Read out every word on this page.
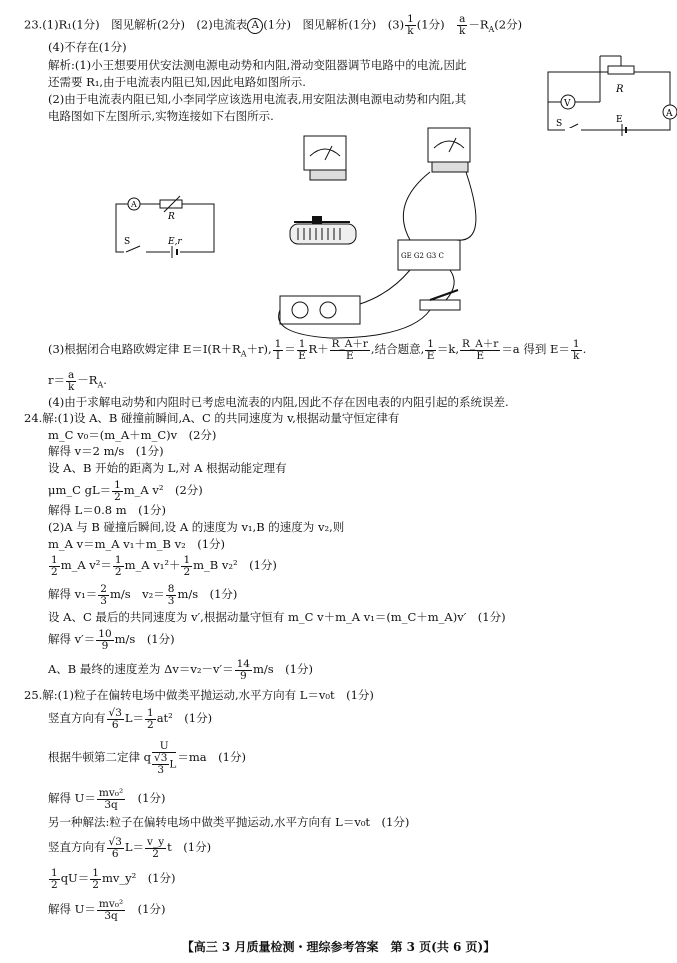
23.(1)R₁(1分)　图见解析(2分)　(2)电流表 A (1分)　图见解析(1分)　$(3) \frac{1}{k} (1$分)　 $\frac{a}{k} -R_A(2$分)
(4)不存在(1分)
解析:(1)小王想要用伏安法测电源电动势和内阻,滑动变阻器调节电路中的电流,因此
还需要 R₁,由于电流表内阻已知,因此电路如图所示.
(2)由于电流表内阻已知,小李同学应该选用电流表,用安阻法测电源电动势和内阻,其
电路图如下左图所示,实物连接如下右图所示.
R
V
A
S	E
A
R
S	E,r
GE G2 G3 C
(3)根据闭合电路欧姆定律 $E=I(R+R_A+r)$, $\frac{1}{I} = \frac{1}{E} R+ \frac{R\_A+r}{E}$ ,结合题意, $\frac{1}{E} =k$, $\frac{R\_A+r}{E} =a$ 得到 $E= \frac{1}{k}$ .
$r= \frac{a}{k} -R_A$.
(4)由于求解电动势和内阻时已考虑电流表的内阻,因此不存在因电表的内阻引起的系统误差.
24.解:(1)设 A、B 碰撞前瞬间,A、C 的共同速度为 v,根据动量守恒定律有
m_C v₀＝(m_A＋m_C)v　(2分)
解得 v＝2 m/s　(1分)
设 A、B 开始的距离为 L,对 A 根据动能定理有
μm_C $gL= \frac{1}{2}$ m_A v²　(2分)
解得 L＝0.8 m　(1分)
(2)A 与 B 碰撞后瞬间,设 A 的速度为 v₁,B 的速度为 v₂,则
m_A v＝m_A v₁＋m_B v₂　(1分)
$\frac{1}{2}$ m_A $v^2= \frac{1}{2}$ m_A $v_1^2+ \frac{1}{2}$ m_B v₂²　(1分)
解得 $v_1= \frac{2}{3} m/s$　$v_2= \frac{8}{3} m/s$　(1分)
设 A、C 最后的共同速度为 v′,根据动量守恒有 m_C v＋m_A v₁＝(m_C＋m_A)v′　(1分)
解得 $v'= \frac{10}{9} m/s$　(1分)
A、B 最终的速度差为 $\Delta v=v_2-v'= \frac{14}{9} m/s$　(1分)
25.解:(1)粒子在偏转电场中做类平抛运动,水平方向有 L＝v₀t　(1分)
竖直方向有 $\frac{√3}{6} L= \frac{1}{2} at^2$　(1分)
根据牛顿第二定律 q $\frac{U}{\frac{√3}{3} L} =ma$　(1分)
解得 $U= \frac{\text{mv₀²}}{3q}$
　 (1分)
另一种解法:粒子在偏转电场中做类平抛运动,水平方向有 L＝v₀t　(1分)
竖直方向有 $\frac{√3}{6} L= \frac{v\_y}{2}$ t　(1分)
$\frac{1}{2} qU= \frac{1}{2}$ mv_y²　(1分)
解得 $U= \frac{\text{mv₀²}}{3q}$
　 (1分)
【高三 3 月质量检测・理综参考答案　第 3 页(共 6 页)】
